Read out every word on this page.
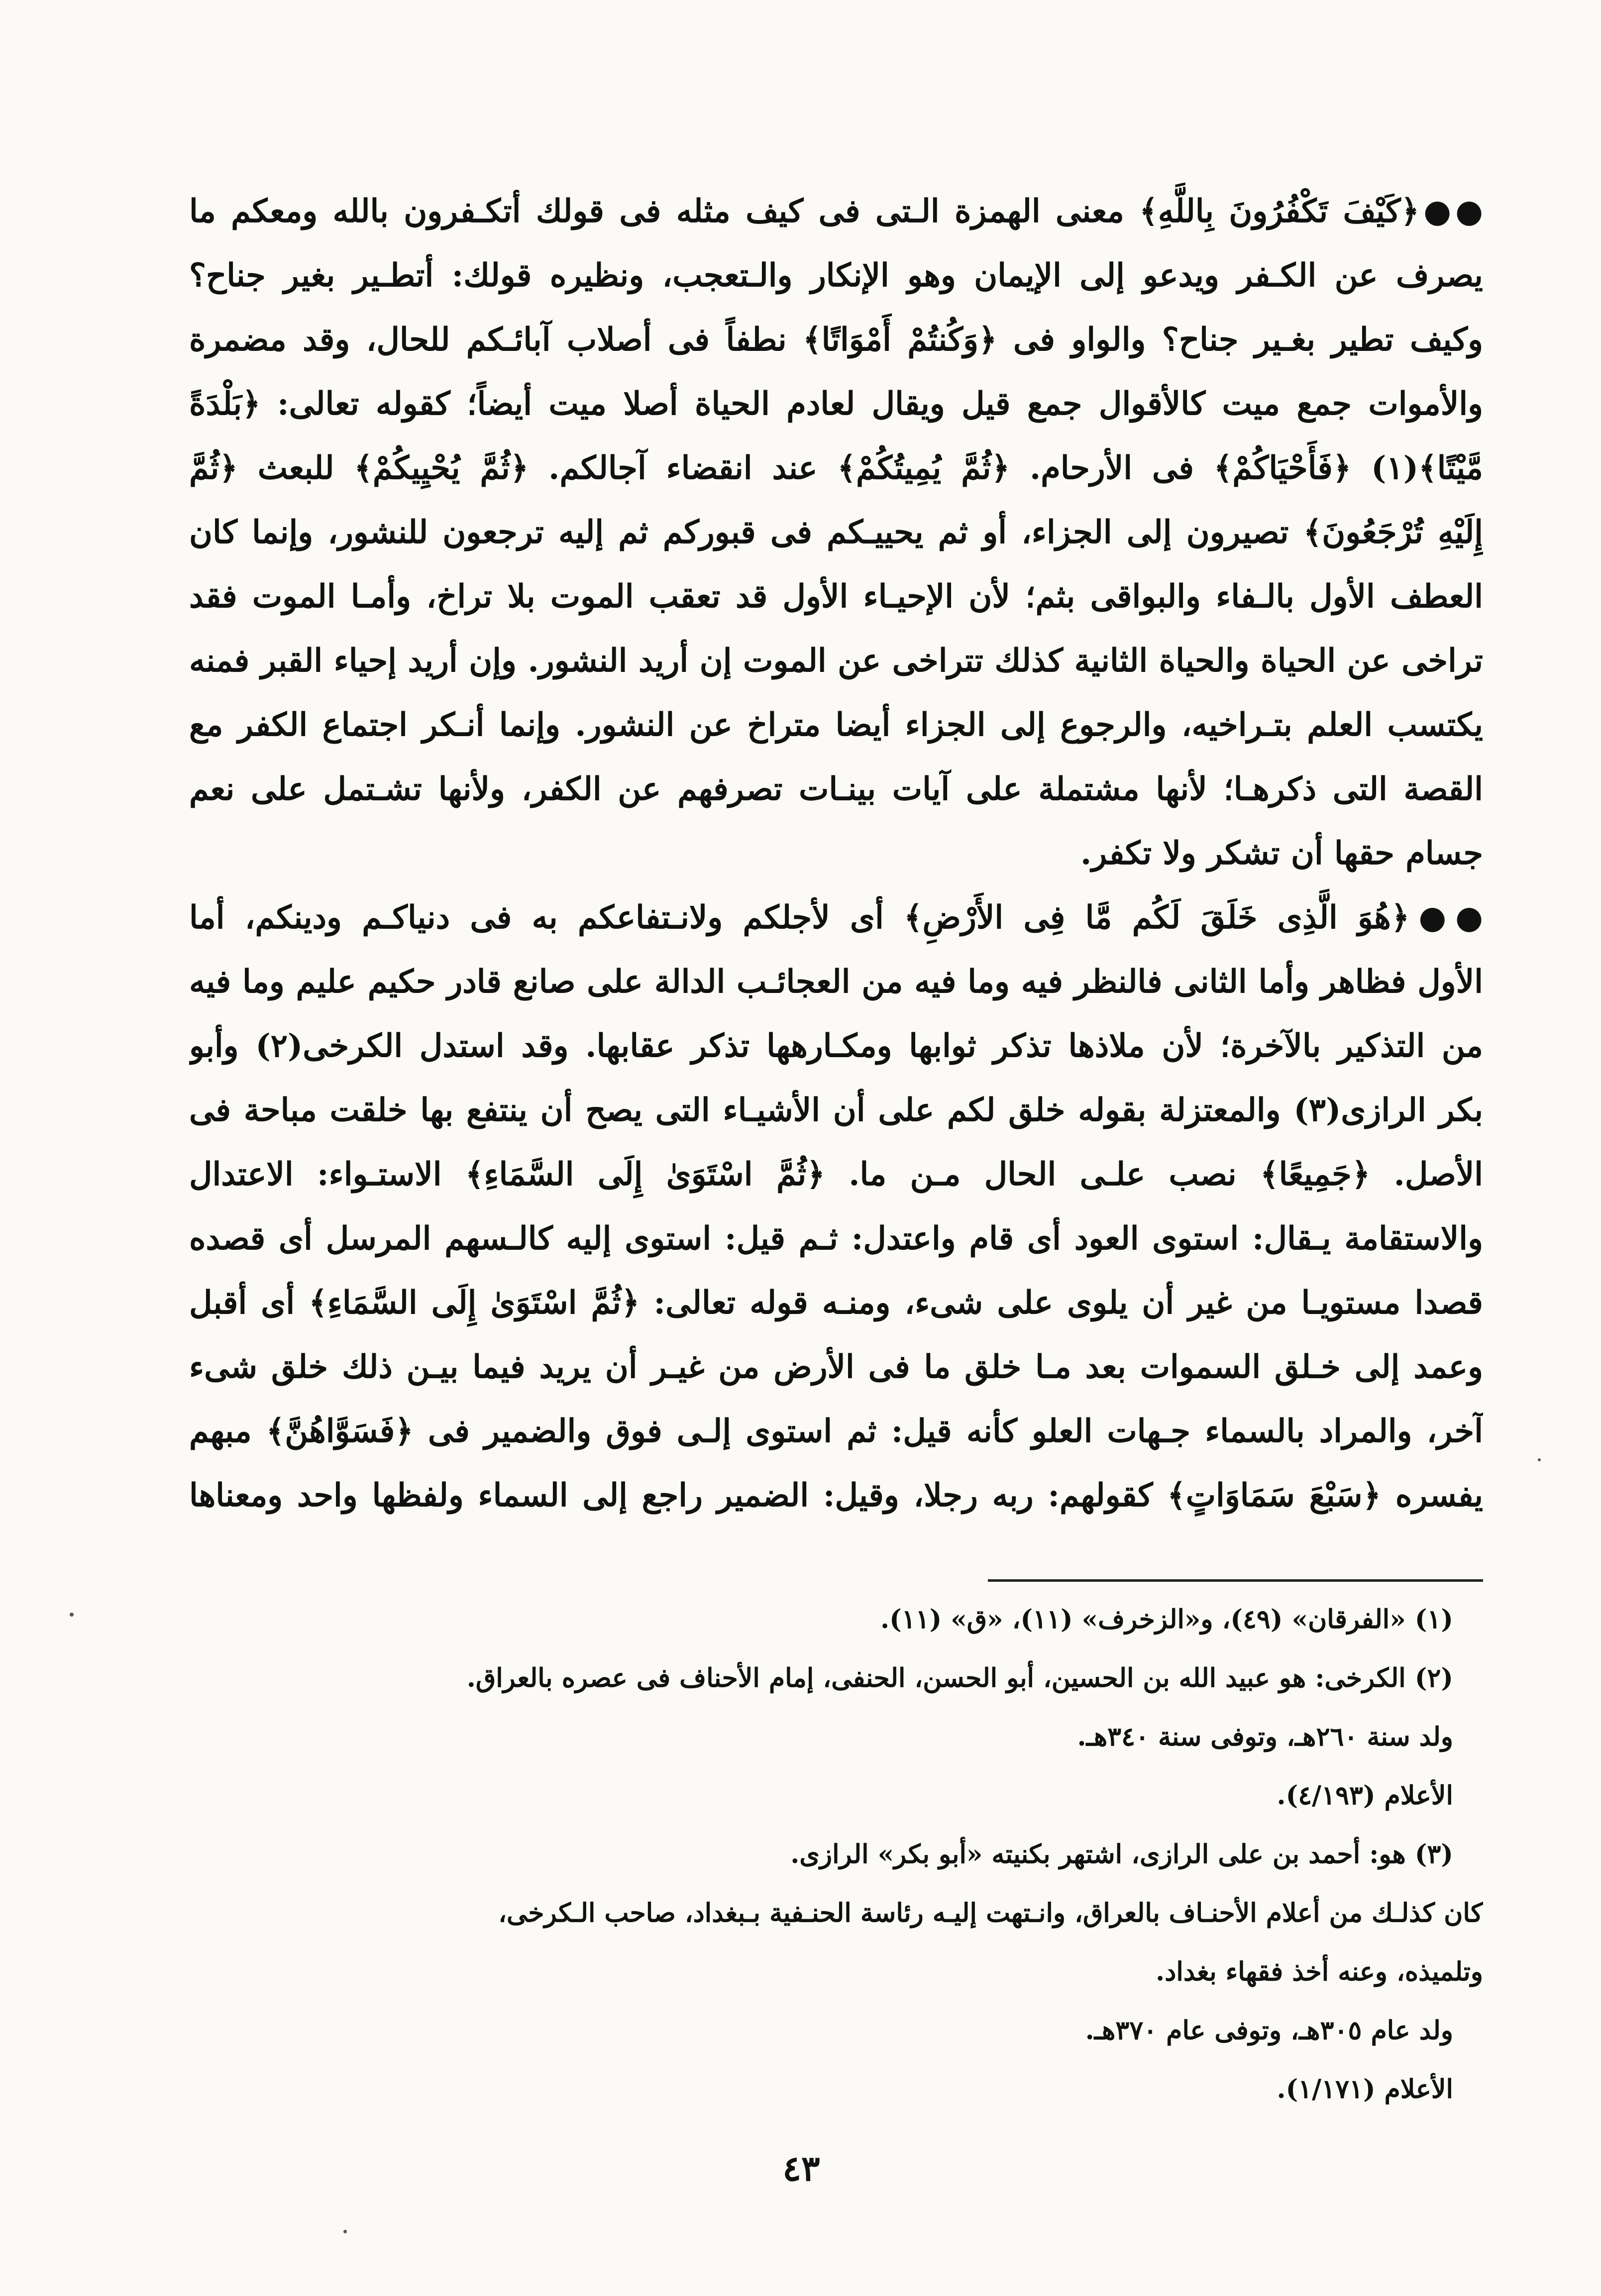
●●﴿كَيْفَ تَكْفُرُونَ بِاللَّهِ﴾ معنى الهمزة الـتى فى كيف مثله فى قولك أتكـفرون بالله ومعكم ما
يصرف عن الكـفر ويدعو إلى الإيمان وهو الإنكار والـتعجب، ونظيره قولك: أتطـير بغير جناح؟
وكيف تطير بغـير جناح؟ والواو فى ﴿وَكُنتُمْ أَمْوَاتًا﴾ نطفاً فى أصلاب آبائـكم للحال، وقد مضمرة
والأموات جمع ميت كالأقوال جمع قيل ويقال لعادم الحياة أصلا ميت أيضاً؛ كقوله تعالى: ﴿بَلْدَةً
مَّيْتًا﴾(١) ﴿فَأَحْيَاكُمْ﴾ فى الأرحام. ﴿ثُمَّ يُمِيتُكُمْ﴾ عند انقضاء آجالكم. ﴿ثُمَّ يُحْيِيكُمْ﴾ للبعث ﴿ثُمَّ
إِلَيْهِ تُرْجَعُونَ﴾ تصيرون إلى الجزاء، أو ثم يحييـكم فى قبوركم ثم إليه ترجعون للنشور، وإنما كان
العطف الأول بالـفاء والبواقى بثم؛ لأن الإحيـاء الأول قد تعقب الموت بلا تراخ، وأمـا الموت فقد
تراخى عن الحياة والحياة الثانية كذلك تتراخى عن الموت إن أريد النشور. وإن أريد إحياء القبر فمنه
يكتسب العلم بتـراخيه، والرجوع إلى الجزاء أيضا متراخ عن النشور. وإنما أنـكر اجتماع الكفر مع
القصة التى ذكرهـا؛ لأنها مشتملة على آيات بينـات تصرفهم عن الكفر، ولأنها تشـتمل على نعم
جسام حقها أن تشكر ولا تكفر.
●●﴿هُوَ الَّذِى خَلَقَ لَكُم مَّا فِى الأَرْضِ﴾ أى لأجلكم ولانـتفاعكم به فى دنياكـم ودينكم، أما
الأول فظاهر وأما الثانى فالنظر فيه وما فيه من العجائـب الدالة على صانع قادر حكيم عليم وما فيه
من التذكير بالآخرة؛ لأن ملاذها تذكر ثوابها ومكـارهها تذكر عقابها. وقد استدل الكرخى(٢) وأبو
بكر الرازى(٣) والمعتزلة بقوله خلق لكم على أن الأشيـاء التى يصح أن ينتفع بها خلقت مباحة فى
الأصل. ﴿جَمِيعًا﴾ نصب علـى الحال مـن ما. ﴿ثُمَّ اسْتَوَىٰ إِلَى السَّمَاءِ﴾ الاستـواء: الاعتدال
والاستقامة يـقال: استوى العود أى قام واعتدل: ثـم قيل: استوى إليه كالـسهم المرسل أى قصده
قصدا مستويـا من غير أن يلوى على شىء، ومنـه قوله تعالى: ﴿ثُمَّ اسْتَوَىٰ إِلَى السَّمَاءِ﴾ أى أقبل
وعمد إلى خـلق السموات بعد مـا خلق ما فى الأرض من غيـر أن يريد فيما بيـن ذلك خلق شىء
آخر، والمراد بالسماء جـهات العلو كأنه قيل: ثم استوى إلـى فوق والضمير فى ﴿فَسَوَّاهُنَّ﴾ مبهم
يفسره ﴿سَبْعَ سَمَاوَاتٍ﴾ كقولهم: ربه رجلا، وقيل: الضمير راجع إلى السماء ولفظها واحد ومعناها
(١) «الفرقان» (٤٩)، و«الزخرف» (١١)، «ق» (١١).
(٢) الكرخى: هو عبيد الله بن الحسين، أبو الحسن، الحنفى، إمام الأحناف فى عصره بالعراق.
ولد سنة ٢٦٠هـ، وتوفى سنة ٣٤٠هـ.
الأعلام (٤/١٩٣).
(٣) هو: أحمد بن على الرازى، اشتهر بكنيته «أبو بكر» الرازى.
كان كذلـك من أعلام الأحنـاف بالعراق، وانـتهت إليـه رئاسة الحنـفية بـبغداد، صاحب الـكرخى،
وتلميذه، وعنه أخذ فقهاء بغداد.
ولد عام ٣٠٥هـ، وتوفى عام ٣٧٠هـ.
الأعلام (١/١٧١).
٤٣
